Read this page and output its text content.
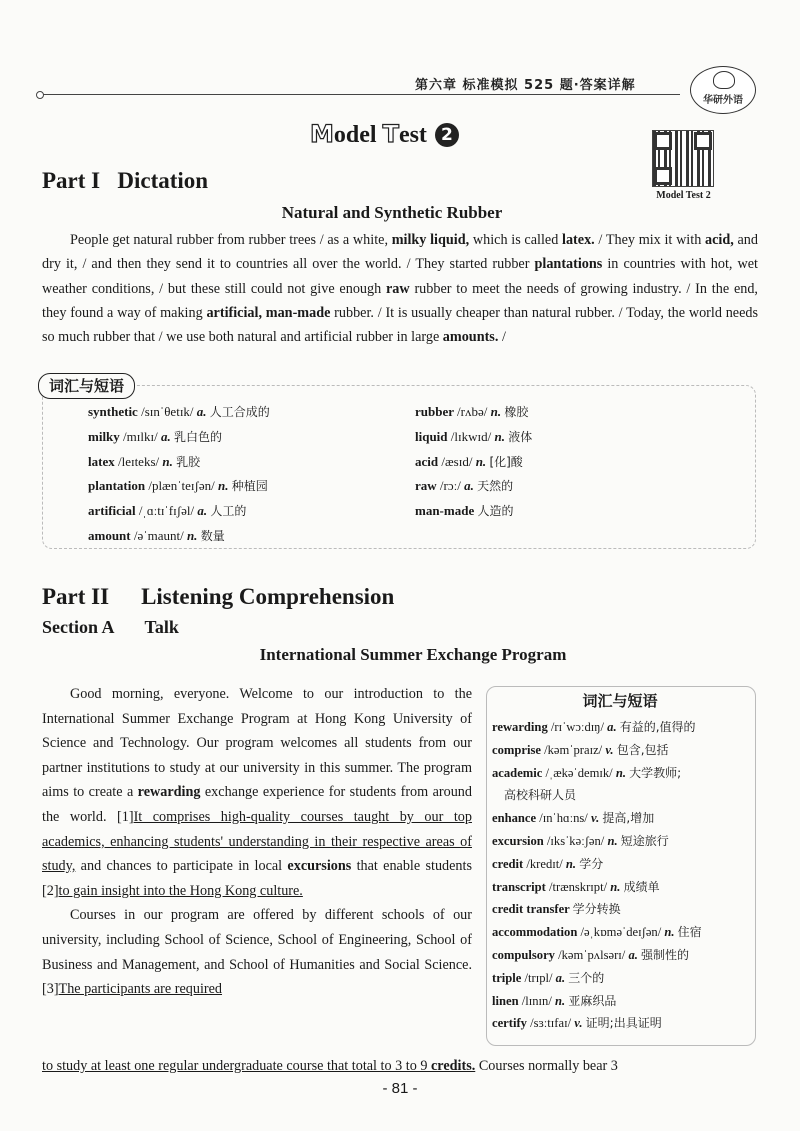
第六章 标准模拟 525 题·答案详解
华研外语
Model Test 2
Model Test 2
Part I   Dictation
Natural and Synthetic Rubber
People get natural rubber from rubber trees / as a white, milky liquid, which is called latex. / They mix it with acid, and dry it, / and then they send it to countries all over the world. / They started rubber plantations in countries with hot, wet weather conditions, / but these still could not give enough raw rubber to meet the needs of growing industry. / In the end, they found a way of making artificial, man-made rubber. / It is usually cheaper than natural rubber. / Today, the world needs so much rubber that / we use both natural and artificial rubber in large amounts. /
词汇与短语
synthetic /sɪnˈθetɪk/ a. 人工合成的
milky /mɪlkɪ/ a. 乳白色的
latex /leɪteks/ n. 乳胶
plantation /plænˈteɪʃən/ n. 种植园
artificial /ˌɑːtɪˈfɪʃəl/ a. 人工的
amount /əˈmaunt/ n. 数量
rubber /rʌbə/ n. 橡胶
liquid /lɪkwɪd/ n. 液体
acid /æsɪd/ n. [化]酸
raw /rɔː/ a. 天然的
man-made 人造的
Part II Listening Comprehension
Section A Talk
International Summer Exchange Program

Good morning, everyone. Welcome to our introduction to the International Summer Exchange Program at Hong Kong University of Science and Technology. Our program welcomes all students from our partner institutions to study at our university in this summer. The program aims to create a rewarding exchange experience for students from around the world. [1]It comprises high-quality courses taught by our top academics, enhancing students' understanding in their respective areas of study, and chances to participate in local excursions that enable students [2]to gain insight into the Hong Kong culture.

Courses in our program are offered by different schools of our university, including School of Science, School of Engineering, School of Business and Management, and School of Humanities and Social Science. [3]The participants are required

to study at least one regular undergraduate course that total to 3 to 9 credits. Courses normally bear 3
词汇与短语
rewarding /rɪˈwɔːdɪŋ/ a. 有益的,值得的
comprise /kəmˈpraɪz/ v. 包含,包括
academic /ˌækəˈdemɪk/ n. 大学教师;
高校科研人员
enhance /ɪnˈhɑːns/ v. 提高,增加
excursion /ɪksˈkəːʃən/ n. 短途旅行
credit /kredɪt/ n. 学分
transcript /trænskrɪpt/ n. 成绩单
credit transfer 学分转换
accommodation /əˌkɒməˈdeɪʃən/ n. 住宿
compulsory /kəmˈpʌlsərɪ/ a. 强制性的
triple /trɪpl/ a. 三个的
linen /lɪnɪn/ n. 亚麻织品
certify /sɜːtɪfaɪ/ v. 证明;出具证明
- 81 -
